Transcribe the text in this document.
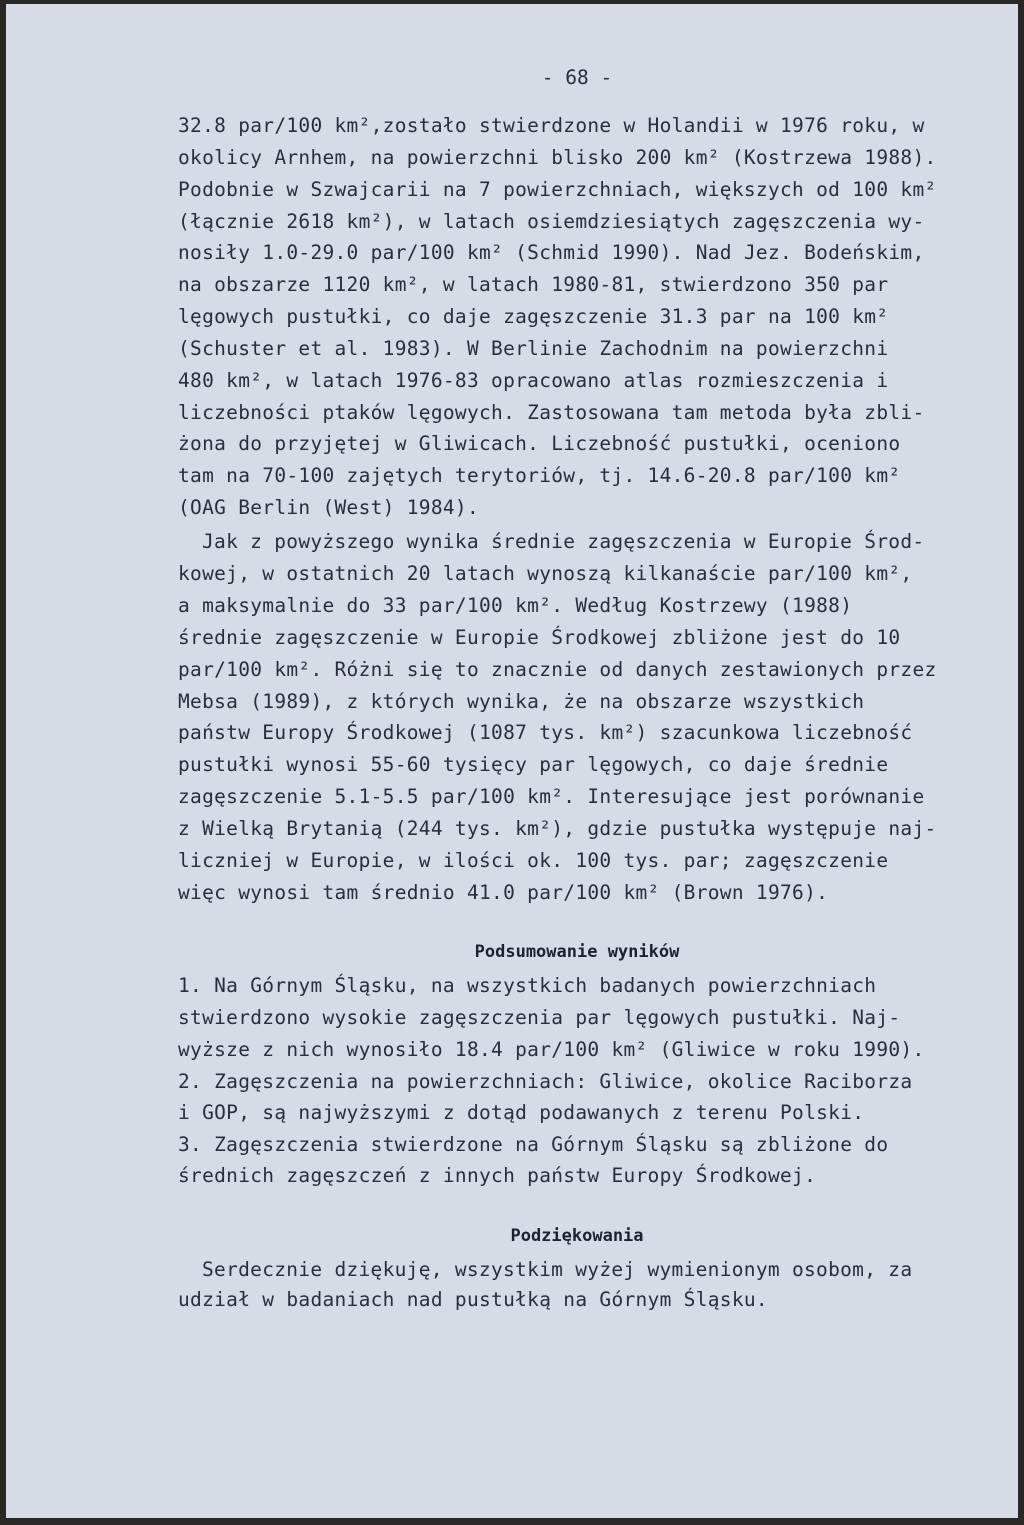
- 68 -
32.8 par/100 km²,zostało stwierdzone w Holandii w 1976 roku, w
okolicy Arnhem, na powierzchni blisko 200 km² (Kostrzewa 1988).
Podobnie w Szwajcarii na 7 powierzchniach, większych od 100 km²
(łącznie 2618 km²), w latach osiemdziesiątych zagęszczenia wy-
nosiły 1.0-29.0 par/100 km² (Schmid 1990). Nad Jez. Bodeńskim,
na obszarze 1120 km², w latach 1980-81, stwierdzono 350 par
lęgowych pustułki, co daje zagęszczenie 31.3 par na 100 km²
(Schuster et al. 1983). W Berlinie Zachodnim na powierzchni
480 km², w latach 1976-83 opracowano atlas rozmieszczenia i
liczebności ptaków lęgowych. Zastosowana tam metoda była zbli-
żona do przyjętej w Gliwicach. Liczebność pustułki, oceniono
tam na 70-100 zajętych terytoriów, tj. 14.6-20.8 par/100 km²
(OAG Berlin (West) 1984).
Jak z powyższego wynika średnie zagęszczenia w Europie Środ-
kowej, w ostatnich 20 latach wynoszą kilkanaście par/100 km²,
a maksymalnie do 33 par/100 km². Według Kostrzewy (1988)
średnie zagęszczenie w Europie Środkowej zbliżone jest do 10
par/100 km². Różni się to znacznie od danych zestawionych przez
Mebsa (1989), z których wynika, że na obszarze wszystkich
państw Europy Środkowej (1087 tys. km²) szacunkowa liczebność
pustułki wynosi 55-60 tysięcy par lęgowych, co daje średnie
zagęszczenie 5.1-5.5 par/100 km². Interesujące jest porównanie
z Wielką Brytanią (244 tys. km²), gdzie pustułka występuje naj-
liczniej w Europie, w ilości ok. 100 tys. par; zagęszczenie
więc wynosi tam średnio 41.0 par/100 km² (Brown 1976).
Podsumowanie wyników
1. Na Górnym Śląsku, na wszystkich badanych powierzchniach
stwierdzono wysokie zagęszczenia par lęgowych pustułki. Naj-
wyższe z nich wynosiło 18.4 par/100 km² (Gliwice w roku 1990).
2. Zagęszczenia na powierzchniach: Gliwice, okolice Raciborza
i GOP, są najwyższymi z dotąd podawanych z terenu Polski.
3. Zagęszczenia stwierdzone na Górnym Śląsku są zbliżone do
średnich zagęszczeń z innych państw Europy Środkowej.
Podziękowania
Serdecznie dziękuję, wszystkim wyżej wymienionym osobom, za
udział w badaniach nad pustułką na Górnym Śląsku.
